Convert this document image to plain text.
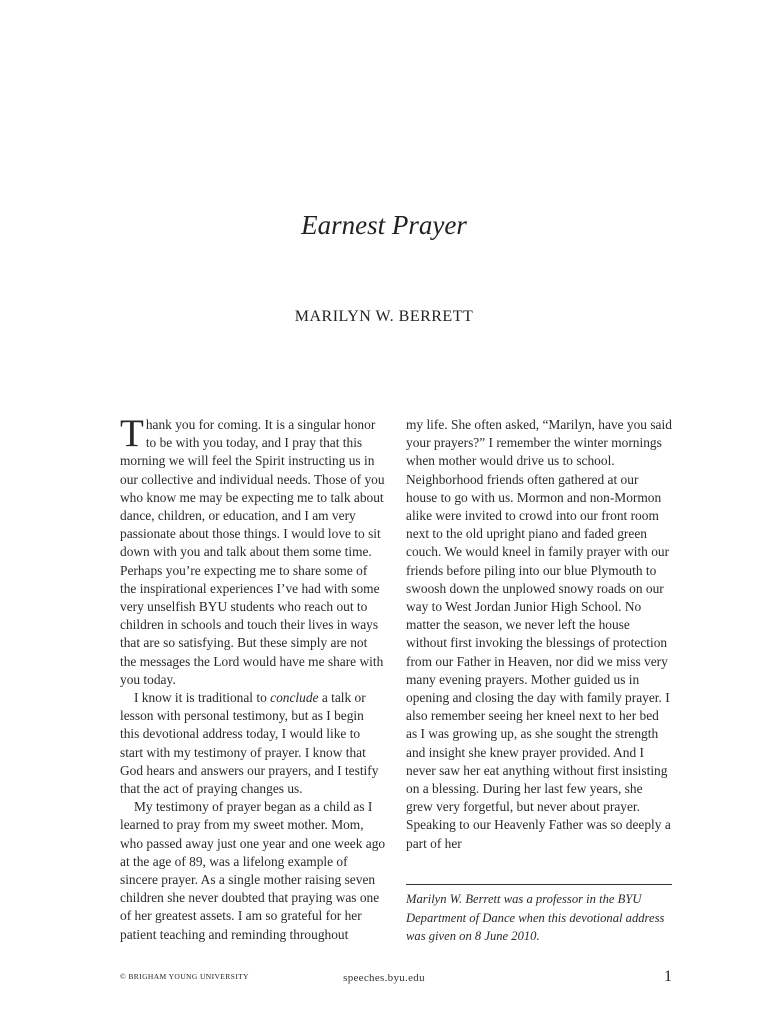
Earnest Prayer
MARILYN W. BERRETT

Thank you for coming. It is a singular honor to be with you today, and I pray that this morning we will feel the Spirit instructing us in our collective and individual needs. Those of you who know me may be expecting me to talk about dance, children, or education, and I am very passionate about those things. I would love to sit down with you and talk about them some time. Perhaps you’re expecting me to share some of the inspirational experiences I’ve had with some very unselfish BYU students who reach out to children in schools and touch their lives in ways that are so satisfying. But these simply are not the messages the Lord would have me share with you today.

I know it is traditional to conclude a talk or lesson with personal testimony, but as I begin this devotional address today, I would like to start with my testimony of prayer. I know that God hears and answers our prayers, and I testify that the act of praying changes us.

My testimony of prayer began as a child as I learned to pray from my sweet mother. Mom, who passed away just one year and one week ago at the age of 89, was a lifelong example of sincere prayer. As a single mother raising seven children she never doubted that praying was one of her greatest assets. I am so grateful for her patient teaching and reminding throughout

my life. She often asked, “Marilyn, have you said your prayers?” I remember the winter mornings when mother would drive us to school. Neighborhood friends often gathered at our house to go with us. Mormon and non-Mormon alike were invited to crowd into our front room next to the old upright piano and faded green couch. We would kneel in family prayer with our friends before piling into our blue Plymouth to swoosh down the unplowed snowy roads on our way to West Jordan Junior High School. No matter the season, we never left the house without first invoking the blessings of protection from our Father in Heaven, nor did we miss very many evening prayers. Mother guided us in opening and closing the day with family prayer. I also remember seeing her kneel next to her bed as I was growing up, as she sought the strength and insight she knew prayer provided. And I never saw her eat anything without first insisting on a blessing. During her last few years, she grew very forgetful, but never about prayer. Speaking to our Heavenly Father was so deeply a part of her

Marilyn W. Berrett was a professor in the BYU Department of Dance when this devotional address was given on 8 June 2010.
© BRIGHAM YOUNG UNIVERSITY	speeches.byu.edu	1
